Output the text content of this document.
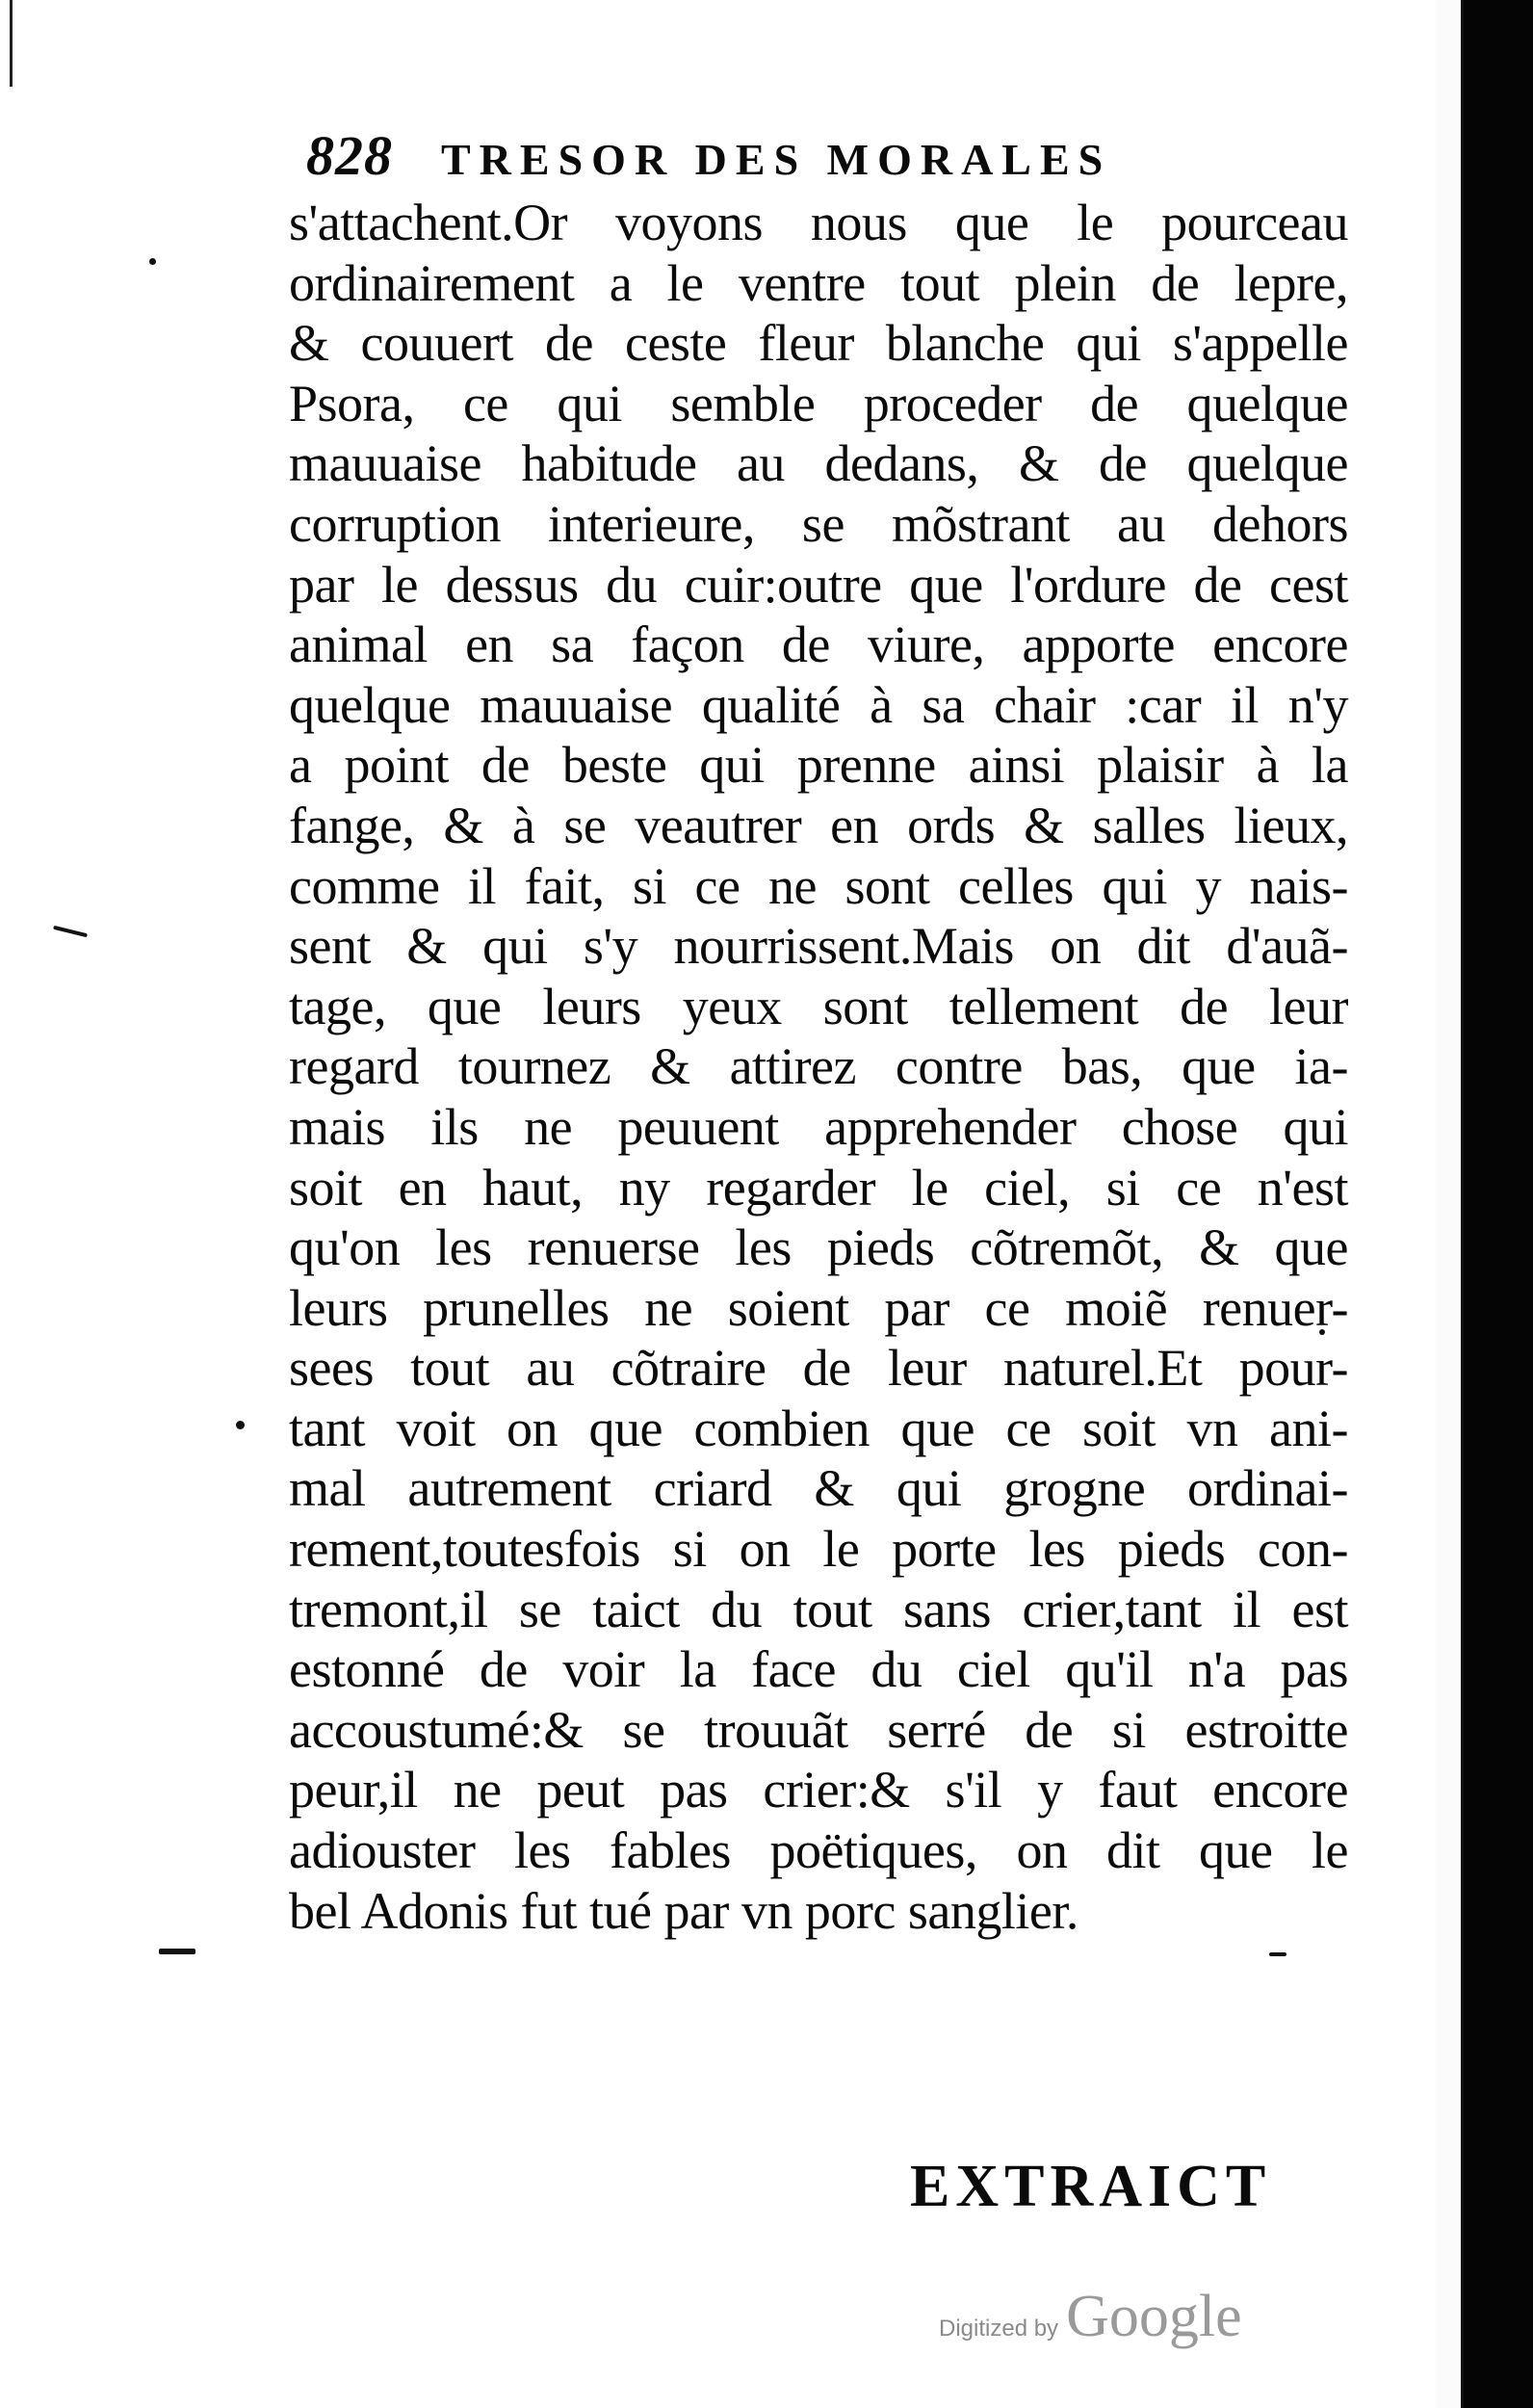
828	TRESOR DES MORALES
s'attachent.Or voyons nous que le pourceau
ordinairement a le ventre tout plein de lepre,
& couuert de ceste fleur blanche qui s'appelle
Psora, ce qui semble proceder de quelque
mauuaise habitude au dedans, & de quelque
corruption interieure, se mõstrant au dehors
par le dessus du cuir:outre que l'ordure de cest
animal en sa façon de viure, apporte encore
quelque mauuaise qualité à sa chair :car il n'y
a point de beste qui prenne ainsi plaisir à la
fange, & à se veautrer en ords & salles lieux,
comme il fait, si ce ne sont celles qui y nais-
sent & qui s'y nourrissent.Mais on dit d'auã-
tage, que leurs yeux sont tellement de leur
regard tournez & attirez contre bas, que ia-
mais ils ne peuuent apprehender chose qui
soit en haut, ny regarder le ciel, si ce n'est
qu'on les renuerse les pieds cõtremõt, & que
leurs prunelles ne soient par ce moiẽ renuer-
sees tout au cõtraire de leur naturel.Et pour-
tant voit on que combien que ce soit vn ani-
mal autrement criard & qui grogne ordinai-
rement,toutesfois si on le porte les pieds con-
tremont,il se taict du tout sans crier,tant il est
estonné de voir la face du ciel qu'il n'a pas
accoustumé:& se trouuãt serré de si estroitte
peur,il ne peut pas crier:& s'il y faut encore
adiouster les fables poëtiques, on dit que le
bel Adonis fut tué par vn porc sanglier.
EXTRAICT
Digitized by Google
